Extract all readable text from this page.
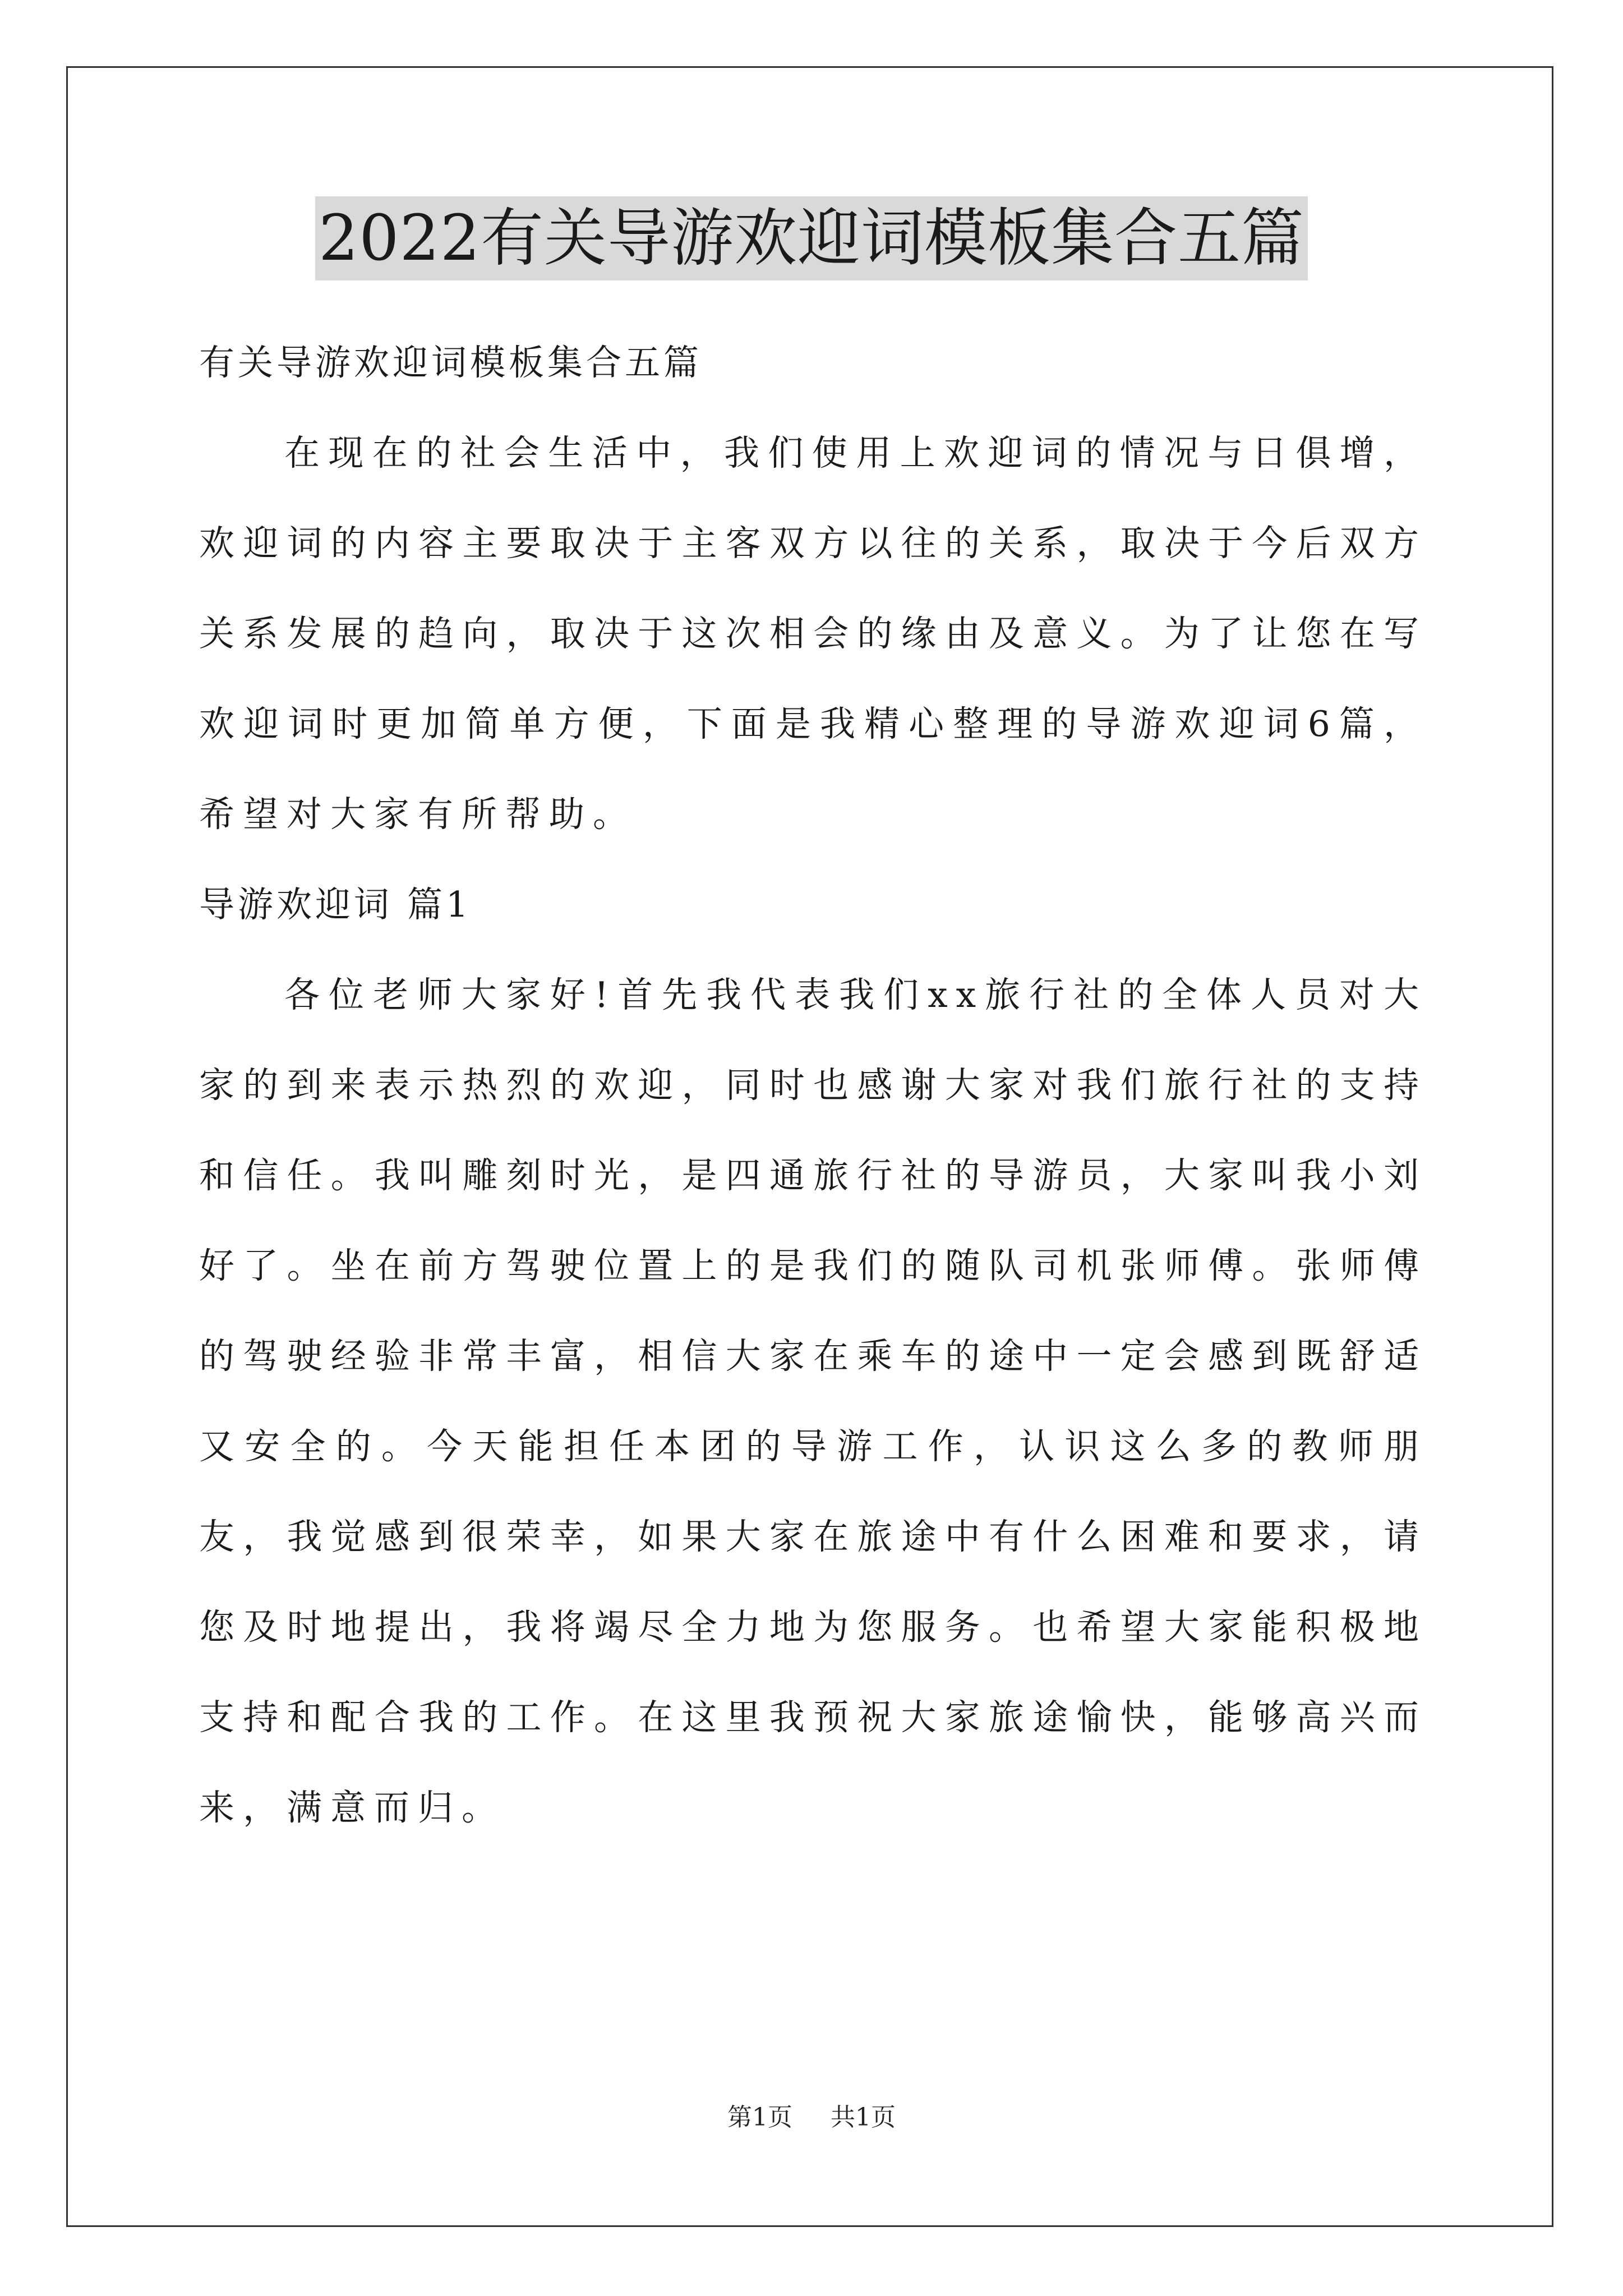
2022有关导游欢迎词模板集合五篇

有关导游欢迎词模板集合五篇

在现在的社会生活中，我们使用上欢迎词的情况与日俱增，欢迎词的内容主要取决于主客双方以往的关系，取决于今后双方关系发展的趋向，取决于这次相会的缘由及意义。为了让您在写欢迎词时更加简单方便，下面是我精心整理的导游欢迎词6篇，希望对大家有所帮助。

导游欢迎词 篇1

各位老师大家好!首先我代表我们xx旅行社的全体人员对大家的到来表示热烈的欢迎，同时也感谢大家对我们旅行社的支持和信任。我叫雕刻时光，是四通旅行社的导游员，大家叫我小刘好了。坐在前方驾驶位置上的是我们的随队司机张师傅。张师傅的驾驶经验非常丰富，相信大家在乘车的途中一定会感到既舒适又安全的。今天能担任本团的导游工作，认识这么多的教师朋友，我觉感到很荣幸，如果大家在旅途中有什么困难和要求，请您及时地提出，我将竭尽全力地为您服务。也希望大家能积极地支持和配合我的工作。在这里我预祝大家旅途愉快，能够高兴而来，满意而归。

第1页 共1页
